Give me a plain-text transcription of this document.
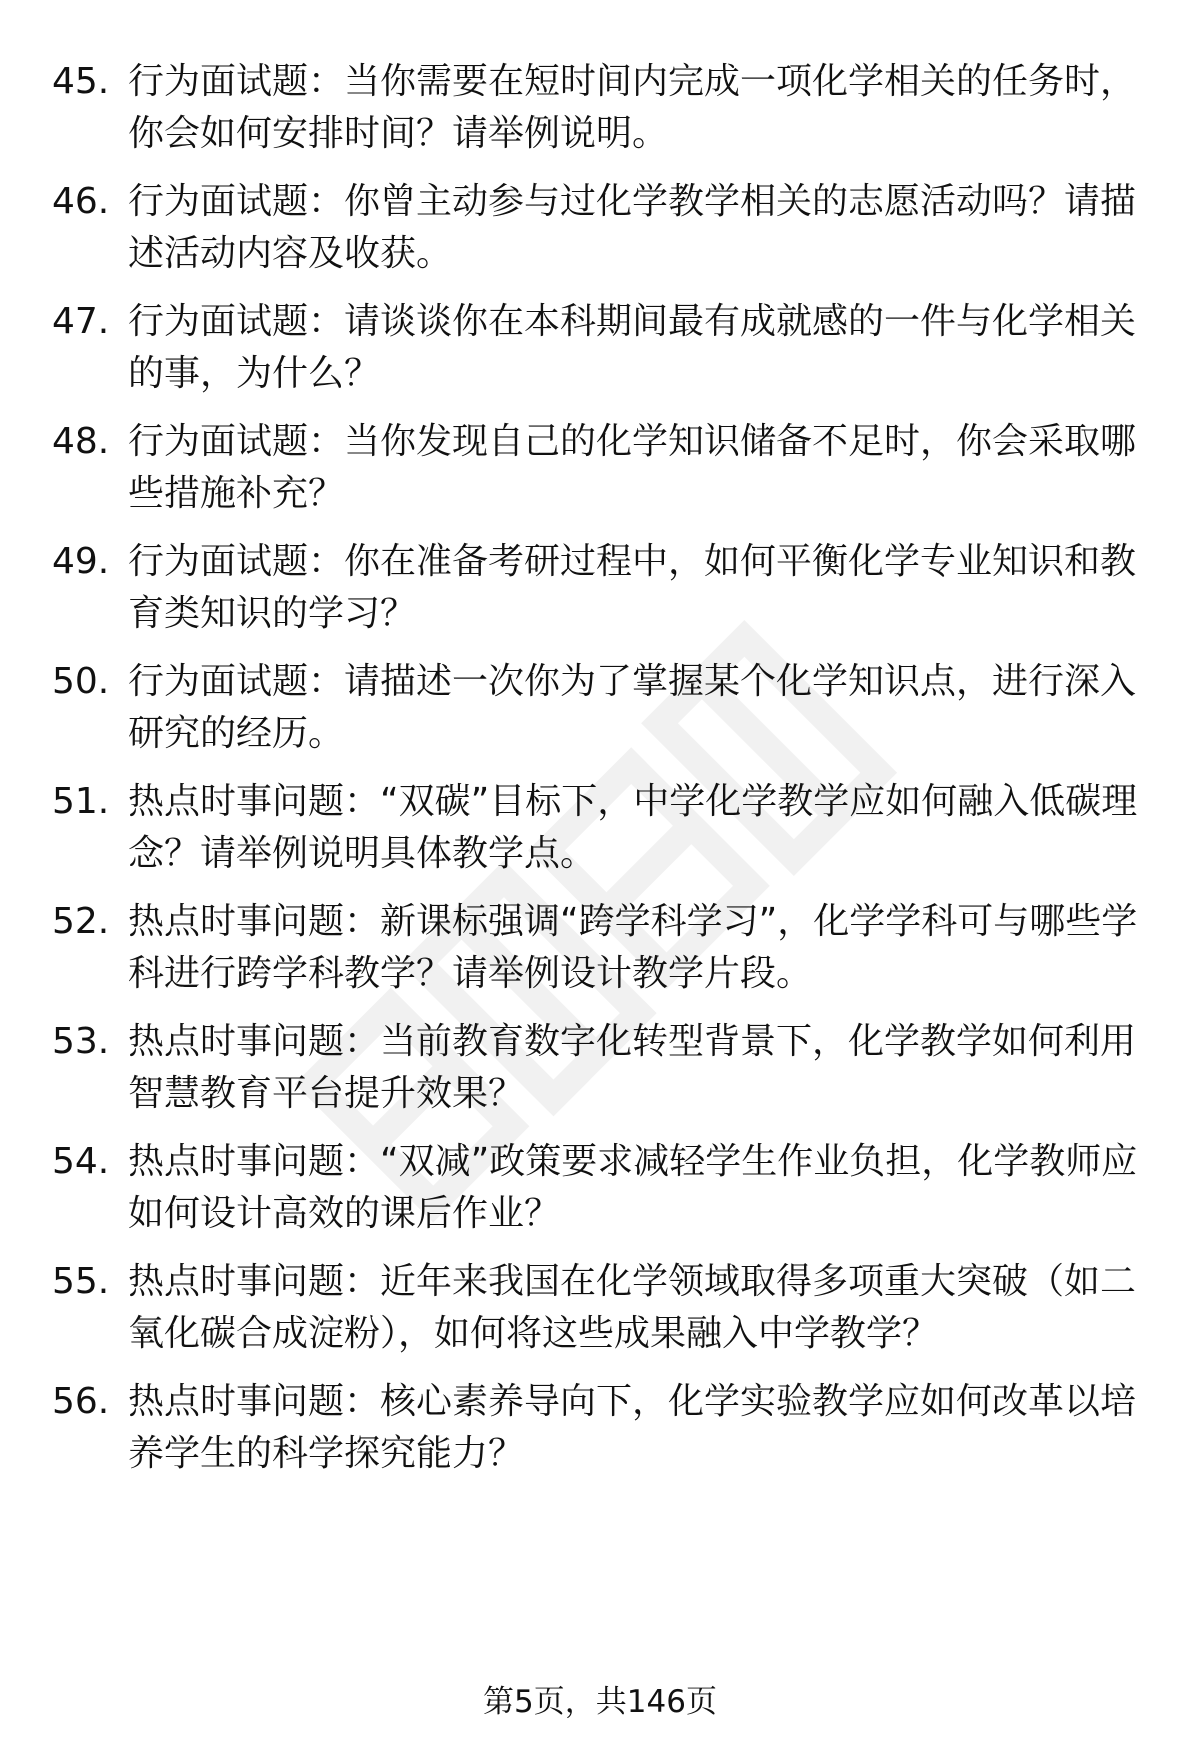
45. 行为面试题：当你需要在短时间内完成一项化学相关的任务时，你会如何安排时间？请举例说明。
46. 行为面试题：你曾主动参与过化学教学相关的志愿活动吗？请描述活动内容及收获。
47. 行为面试题：请谈谈你在本科期间最有成就感的一件与化学相关的事，为什么？
48. 行为面试题：当你发现自己的化学知识储备不足时，你会采取哪些措施补充？
49. 行为面试题：你在准备考研过程中，如何平衡化学专业知识和教育类知识的学习？
50. 行为面试题：请描述一次你为了掌握某个化学知识点，进行深入研究的经历。
51. 热点时事问题：“双碳”目标下，中学化学教学应如何融入低碳理念？请举例说明具体教学点。
52. 热点时事问题：新课标强调“跨学科学习”，化学学科可与哪些学科进行跨学科教学？请举例设计教学片段。
53. 热点时事问题：当前教育数字化转型背景下，化学教学如何利用智慧教育平台提升效果？
54. 热点时事问题：“双减”政策要求减轻学生作业负担，化学教师应如何设计高效的课后作业？
55. 热点时事问题：近年来我国在化学领域取得多项重大突破（如二氧化碳合成淀粉），如何将这些成果融入中学教学？
56. 热点时事问题：核心素养导向下，化学实验教学应如何改革以培养学生的科学探究能力？
第5页，共146页
